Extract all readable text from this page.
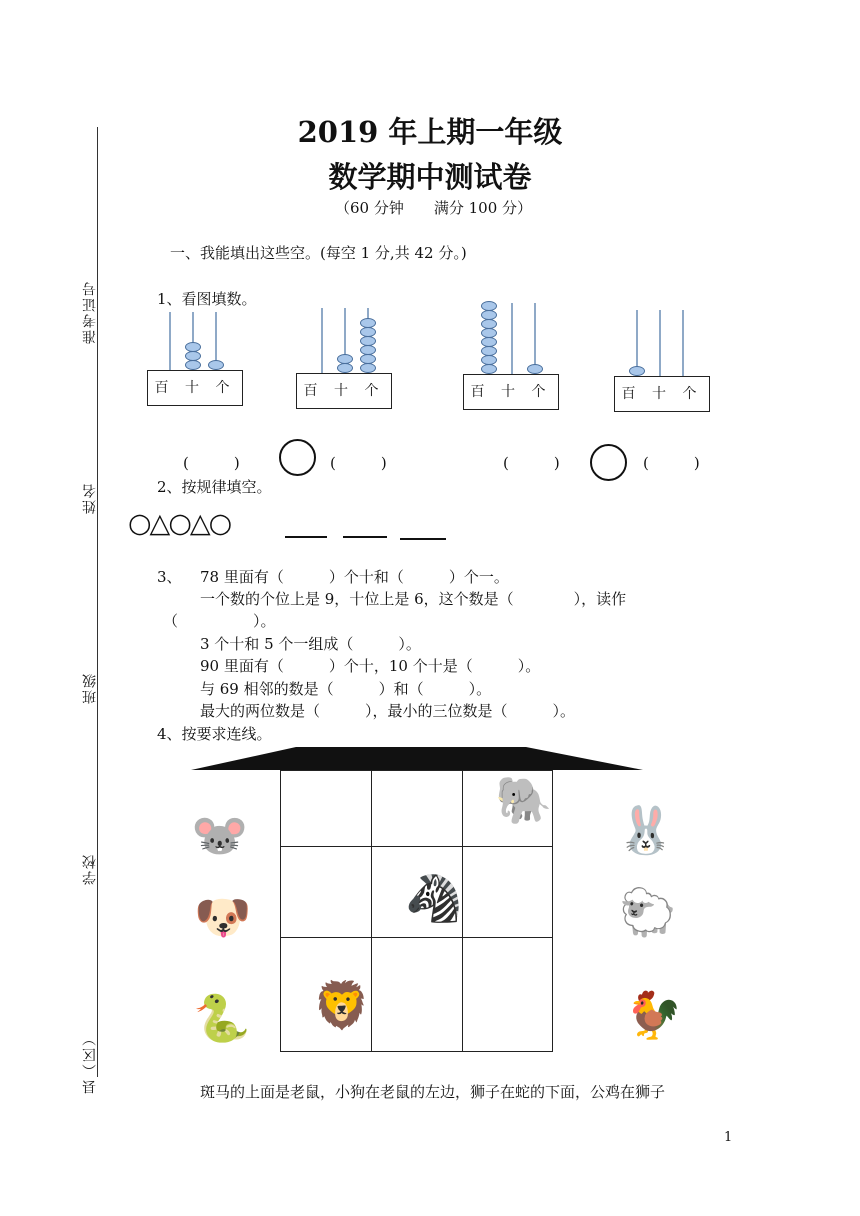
准考证号
姓名
班级
学校
县（区）
2019 年上期一年级
数学期中测试卷
（60 分钟　　满分 100 分）
一、我能填出这些空。(每空 1 分,共 42 分。)
1、看图填数。
百 十 个	百 十 个	百 十 个	百 十 个
(　　　)	(　　　)	(　　　)	(　　　)
2、按规律填空。
○△○△○
3、 78 里面有（　　　）个十和（　　　）个一。
一个数的个位上是 9，十位上是 6，这个数是（　　　　），读作
（　　　　　）。
3 个十和 5 个一组成（　　　）。
90 里面有（　　　）个十，10 个十是（　　　）。
与 69 相邻的数是（　　　）和（　　　）。
最大的两位数是（　　　），最小的三位数是（　　　）。
4、按要求连线。
🐘
🦓
🦁
🐭
🐶
🐍
🐰
🐑
🐓
斑马的上面是老鼠，小狗在老鼠的左边，狮子在蛇的下面，公鸡在狮子
1
